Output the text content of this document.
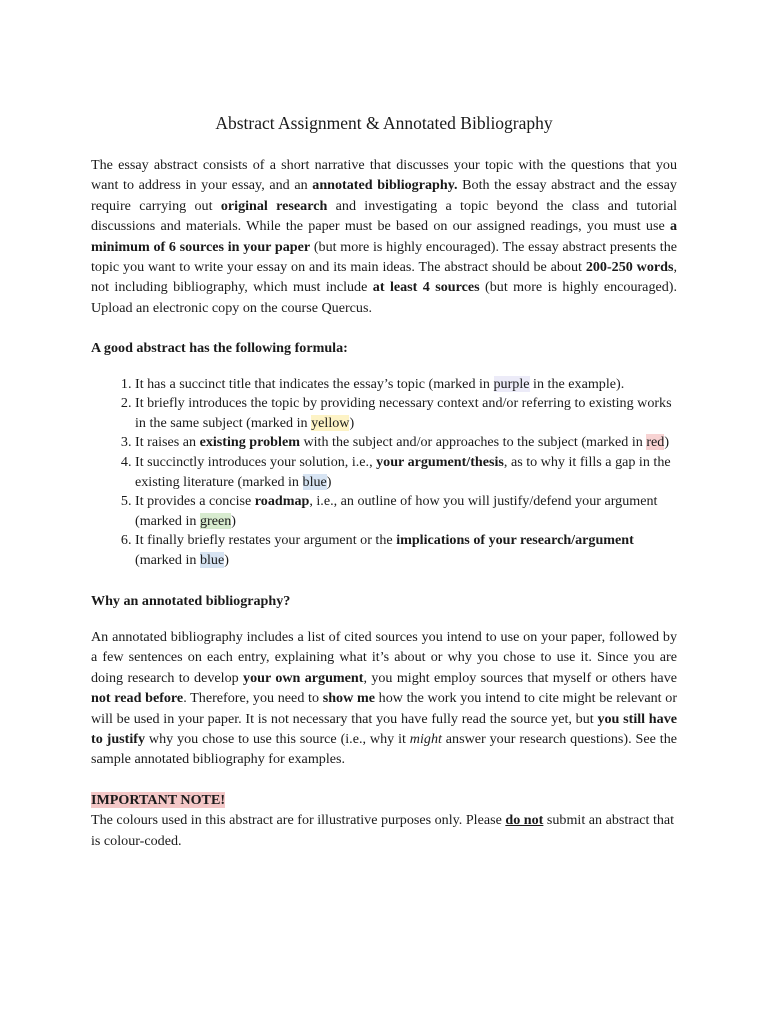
Abstract Assignment & Annotated Bibliography

The essay abstract consists of a short narrative that discusses your topic with the questions that you want to address in your essay, and an annotated bibliography. Both the essay abstract and the essay require carrying out original research and investigating a topic beyond the class and tutorial discussions and materials. While the paper must be based on our assigned readings, you must use a minimum of 6 sources in your paper (but more is highly encouraged). The essay abstract presents the topic you want to write your essay on and its main ideas. The abstract should be about 200-250 words, not including bibliography, which must include at least 4 sources (but more is highly encouraged). Upload an electronic copy on the course Quercus.

A good abstract has the following formula:

1. It has a succinct title that indicates the essay’s topic (marked in purple in the example).
2. It briefly introduces the topic by providing necessary context and/or referring to existing works in the same subject (marked in yellow)
3. It raises an existing problem with the subject and/or approaches to the subject (marked in red)
4. It succinctly introduces your solution, i.e., your argument/thesis, as to why it fills a gap in the existing literature (marked in blue)
5. It provides a concise roadmap, i.e., an outline of how you will justify/defend your argument (marked in green)
6. It finally briefly restates your argument or the implications of your research/argument (marked in blue)

Why an annotated bibliography?

An annotated bibliography includes a list of cited sources you intend to use on your paper, followed by a few sentences on each entry, explaining what it’s about or why you chose to use it. Since you are doing research to develop your own argument, you might employ sources that myself or others have not read before. Therefore, you need to show me how the work you intend to cite might be relevant or will be used in your paper. It is not necessary that you have fully read the source yet, but you still have to justify why you chose to use this source (i.e., why it might answer your research questions). See the sample annotated bibliography for examples.

IMPORTANT NOTE!

The colours used in this abstract are for illustrative purposes only. Please do not submit an abstract that is colour-coded.
